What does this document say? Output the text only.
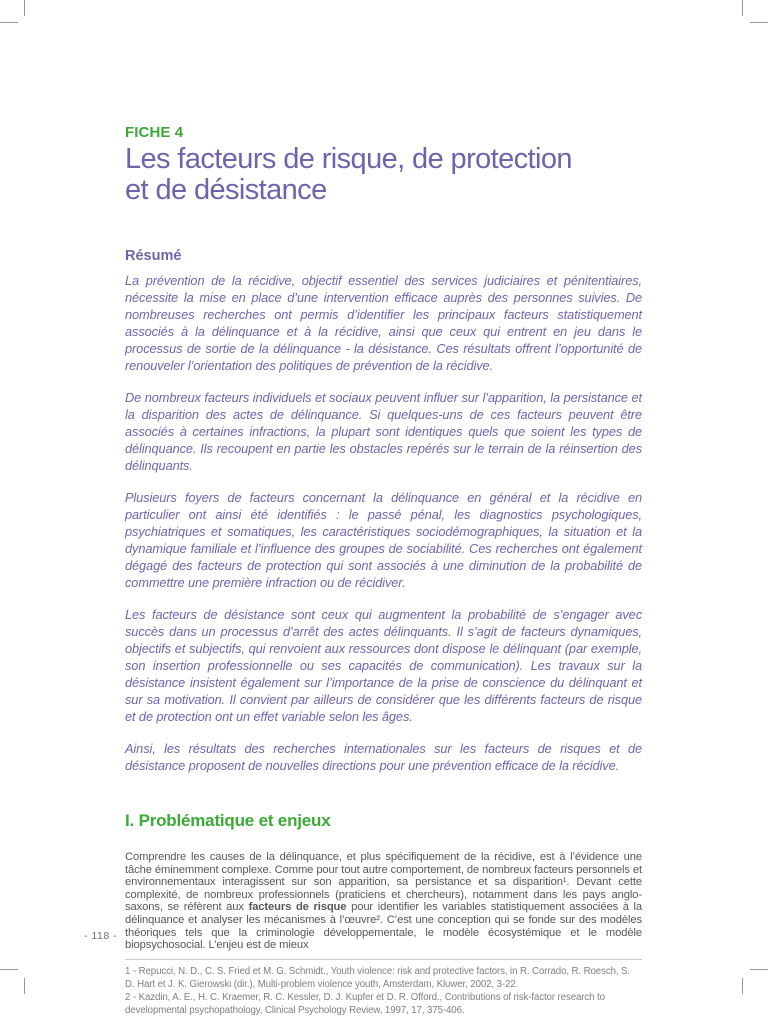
FICHE 4
Les facteurs de risque, de protection
et de désistance
Résumé

La prévention de la récidive, objectif essentiel des services judiciaires et pénitentiaires, nécessite la mise en place d’une intervention efficace auprès des personnes suivies. De nombreuses recherches ont permis d’identifier les principaux facteurs statistiquement associés à la délinquance et à la récidive, ainsi que ceux qui entrent en jeu dans le processus de sortie de la délinquance - la désistance. Ces résultats offrent l’opportunité de renouveler l’orientation des politiques de prévention de la récidive.

De nombreux facteurs individuels et sociaux peuvent influer sur l’apparition, la persistance et la disparition des actes de délinquance. Si quelques-uns de ces facteurs peuvent être associés à certaines infractions, la plupart sont identiques quels que soient les types de délinquance. Ils recoupent en partie les obstacles repérés sur le terrain de la réinsertion des délinquants.

Plusieurs foyers de facteurs concernant la délinquance en général et la récidive en particulier ont ainsi été identifiés : le passé pénal, les diagnostics psychologiques, psychiatriques et somatiques, les caractéristiques sociodémographiques, la situation et la dynamique familiale et l’influence des groupes de sociabilité. Ces recherches ont également dégagé des facteurs de protection qui sont associés à une diminution de la probabilité de commettre une première infraction ou de récidiver.

Les facteurs de désistance sont ceux qui augmentent la probabilité de s’engager avec succès dans un processus d’arrêt des actes délinquants. Il s’agit de facteurs dynamiques, objectifs et subjectifs, qui renvoient aux ressources dont dispose le délinquant (par exemple, son insertion professionnelle ou ses capacités de communication). Les travaux sur la désistance insistent également sur l’importance de la prise de conscience du délinquant et sur sa motivation. Il convient par ailleurs de considérer que les différents facteurs de risque et de protection ont un effet variable selon les âges.

Ainsi, les résultats des recherches internationales sur les facteurs de risques et de désistance proposent de nouvelles directions pour une prévention efficace de la récidive.

I. Problématique et enjeux

Comprendre les causes de la délinquance, et plus spécifiquement de la récidive, est à l’évidence une tâche éminemment complexe. Comme pour tout autre comportement, de nombreux facteurs personnels et environnementaux interagissent sur son apparition, sa persistance et sa disparition¹. Devant cette complexité, de nombreux professionnels (praticiens et chercheurs), notamment dans les pays anglo-saxons, se réfèrent aux facteurs de risque pour identifier les variables statistiquement associées à la délinquance et analyser les mécanismes à l’œuvre². C’est une conception qui se fonde sur des modèles théoriques tels que la criminologie développementale, le modèle écosystémique et le modèle biopsychosocial. L’enjeu est de mieux

1 - Repucci, N. D., C. S. Fried et M. G. Schmidt., Youth violence: risk and protective factors, in R. Corrado, R. Roesch, S. D. Hart et J. K. Gierowski (dir.), Multi-problem violence youth, Amsterdam, Kluwer, 2002, 3-22.

2 - Kazdin, A. E., H. C. Kraemer, R. C. Kessler, D. J. Kupfer et D. R. Offord., Contributions of risk-factor research to developmental psychopathology, Clinical Psychology Review, 1997, 17, 375-406.

- 118 -
